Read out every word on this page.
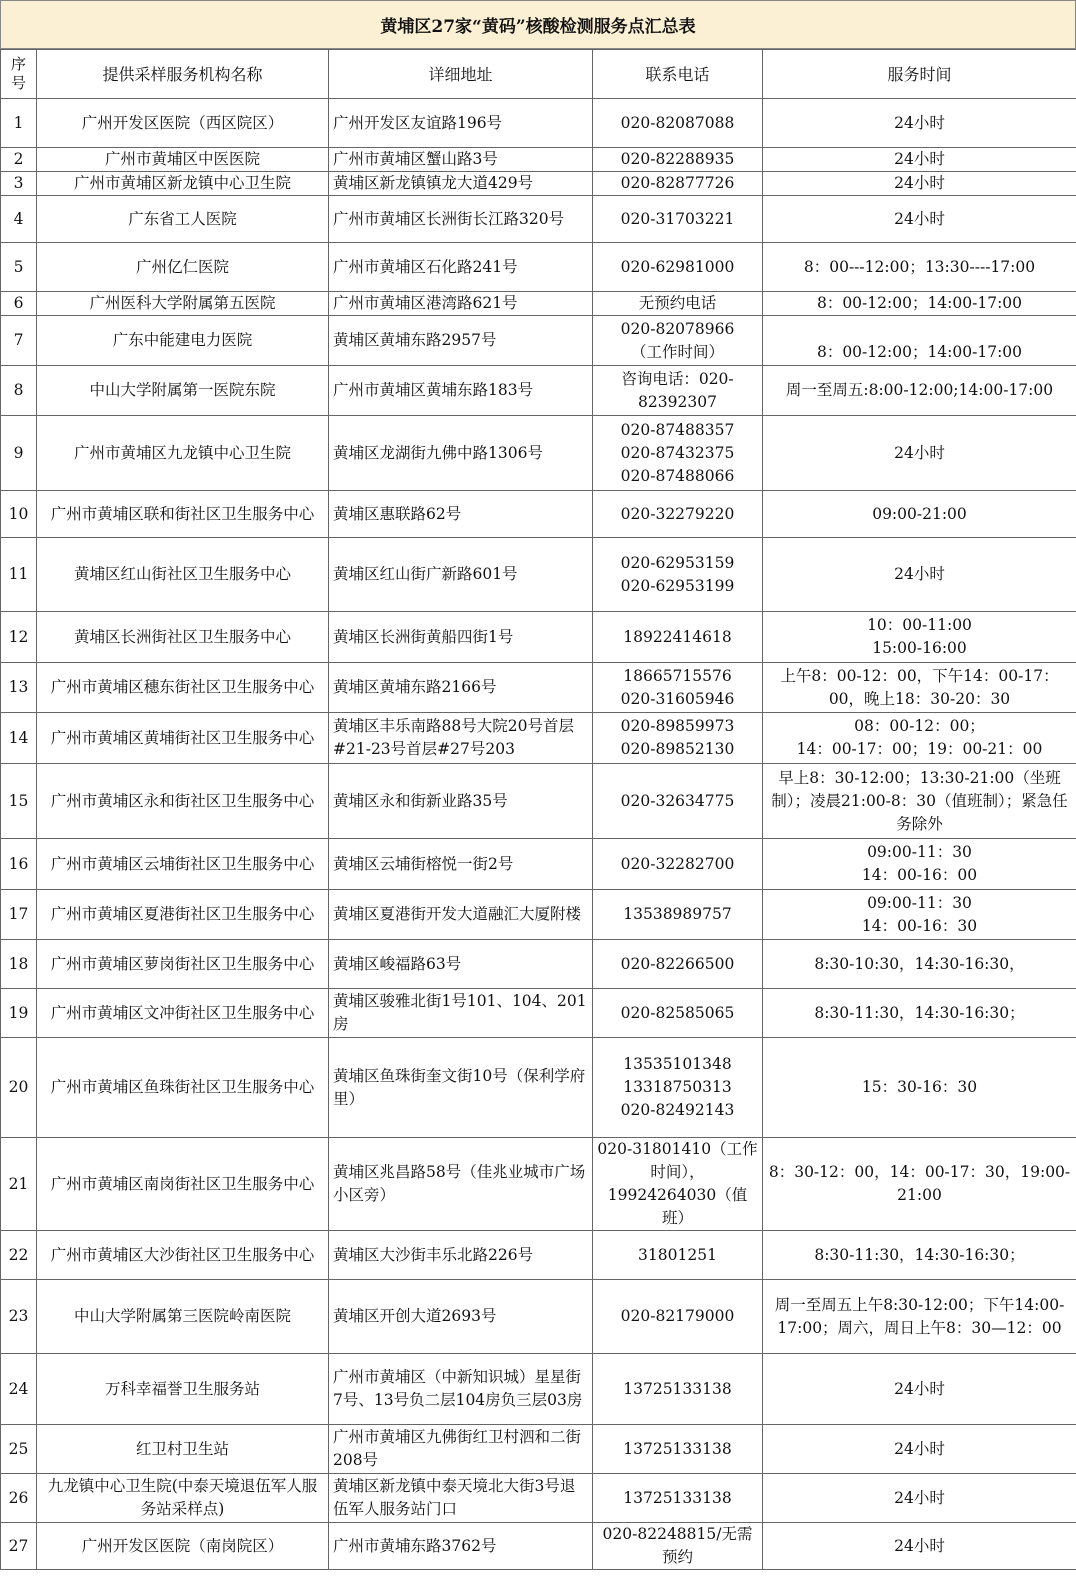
黄埔区27家“黄码”核酸检测服务点汇总表
序号	提供采样服务机构名称	详细地址	联系电话	服务时间
1	广州开发区医院（西区院区）	广州开发区友谊路196号	020-82087088	24小时
2	广州市黄埔区中医医院	广州市黄埔区蟹山路3号	020-82288935	24小时
3	广州市黄埔区新龙镇中心卫生院	黄埔区新龙镇镇龙大道429号	020-82877726	24小时
4	广东省工人医院	广州市黄埔区长洲街长江路320号	020-31703221	24小时
5	广州亿仁医院	广州市黄埔区石化路241号	020-62981000	8：00---12:00；13:30----17:00
6	广州医科大学附属第五医院	广州市黄埔区港湾路621号	无预约电话	8：00-12:00；14:00-17:00
7	广东中能建电力医院	黄埔区黄埔东路2957号	020-82078966
（工作时间）	8：00-12:00；14:00-17:00
8	中山大学附属第一医院东院	广州市黄埔区黄埔东路183号	咨询电话：020-82392307	周一至周五:8:00-12:00;14:00-17:00
9	广州市黄埔区九龙镇中心卫生院	黄埔区龙湖街九佛中路1306号	020-87488357
020-87432375
020-87488066	24小时
10	广州市黄埔区联和街社区卫生服务中心	黄埔区惠联路62号	020-32279220	09:00-21:00
11	黄埔区红山街社区卫生服务中心	黄埔区红山街广新路601号	020-62953159
020-62953199	24小时
12	黄埔区长洲街社区卫生服务中心	黄埔区长洲街黄船四街1号	18922414618	10：00-11:00
15:00-16:00
13	广州市黄埔区穗东街社区卫生服务中心	黄埔区黄埔东路2166号	18665715576
020-31605946	上午8：00-12：00，下午14：00-17：00，晚上18：30-20：30
14	广州市黄埔区黄埔街社区卫生服务中心	黄埔区丰乐南路88号大院20号首层#21-23号首层#27号203	020-89859973
020-89852130	08：00-12：00；
14：00-17：00；19：00-21：00
15	广州市黄埔区永和街社区卫生服务中心	黄埔区永和街新业路35号	020-32634775	早上8：30-12:00；13:30-21:00（坐班制）；凌晨21:00-8：30（值班制）；紧急任务除外
16	广州市黄埔区云埔街社区卫生服务中心	黄埔区云埔街榕悦一街2号	020-32282700	09:00-11：30
14：00-16：00
17	广州市黄埔区夏港街社区卫生服务中心	黄埔区夏港街开发大道融汇大厦附楼	13538989757	09:00-11：30
14：00-16：30
18	广州市黄埔区萝岗街社区卫生服务中心	黄埔区峻福路63号	020-82266500	8:30-10:30，14:30-16:30，
19	广州市黄埔区文冲街社区卫生服务中心	黄埔区骏雅北街1号101、104、201房	020-82585065	8:30-11:30，14:30-16:30；
20	广州市黄埔区鱼珠街社区卫生服务中心	黄埔区鱼珠街奎文街10号（保利学府里）	13535101348
13318750313
020-82492143	15：30-16：30
21	广州市黄埔区南岗街社区卫生服务中心	黄埔区兆昌路58号（佳兆业城市广场小区旁）	020-31801410（工作时间），
19924264030（值班）	8：30-12：00，14：00-17：30，19:00-21:00
22	广州市黄埔区大沙街社区卫生服务中心	黄埔区大沙街丰乐北路226号	31801251	8:30-11:30，14:30-16:30；
23	中山大学附属第三医院岭南医院	黄埔区开创大道2693号	020-82179000	周一至周五上午8:30-12:00；下午14:00-17:00；周六，周日上午8：30—12：00
24	万科幸福誉卫生服务站	广州市黄埔区（中新知识城）星星街7号、13号负二层104房负三层03房	13725133138	24小时
25	红卫村卫生站	广州市黄埔区九佛街红卫村泗和二街208号	13725133138	24小时
26	九龙镇中心卫生院(中泰天境退伍军人服务站采样点)	黄埔区新龙镇中泰天境北大街3号退伍军人服务站门口	13725133138	24小时
27	广州开发区医院（南岗院区）	广州市黄埔东路3762号	020-82248815/无需预约	24小时
